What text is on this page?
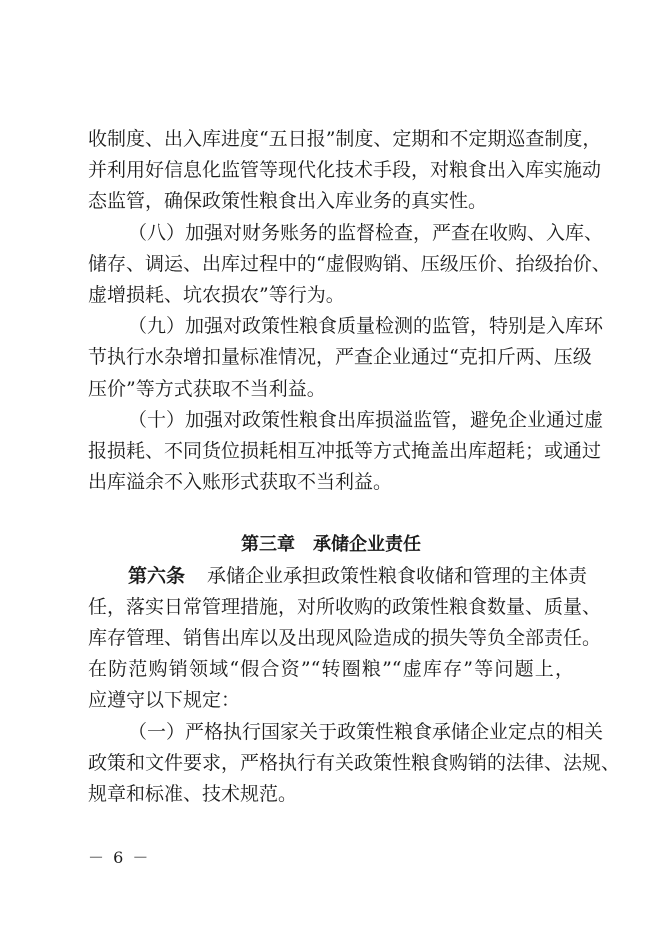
收制度、出入库进度“五日报”制度、定期和不定期巡查制度，
并利用好信息化监管等现代化技术手段，对粮食出入库实施动
态监管，确保政策性粮食出入库业务的真实性。
（八）加强对财务账务的监督检查，严查在收购、入库、
储存、调运、出库过程中的“虚假购销、压级压价、抬级抬价、
虚增损耗、坑农损农”等行为。
（九）加强对政策性粮食质量检测的监管，特别是入库环
节执行水杂增扣量标准情况，严查企业通过“克扣斤两、压级
压价”等方式获取不当利益。
（十）加强对政策性粮食出库损溢监管，避免企业通过虚
报损耗、不同货位损耗相互冲抵等方式掩盖出库超耗；或通过
出库溢余不入账形式获取不当利益。
第三章　承储企业责任
第六条 承储企业承担政策性粮食收储和管理的主体责
任，落实日常管理措施，对所收购的政策性粮食数量、质量、
库存管理、销售出库以及出现风险造成的损失等负全部责任。
在防范购销领域“假合资”“转圈粮”“虚库存”等问题上，
应遵守以下规定：
（一）严格执行国家关于政策性粮食承储企业定点的相关
政策和文件要求，严格执行有关政策性粮食购销的法律、法规、
规章和标准、技术规范。
－ 6 －
